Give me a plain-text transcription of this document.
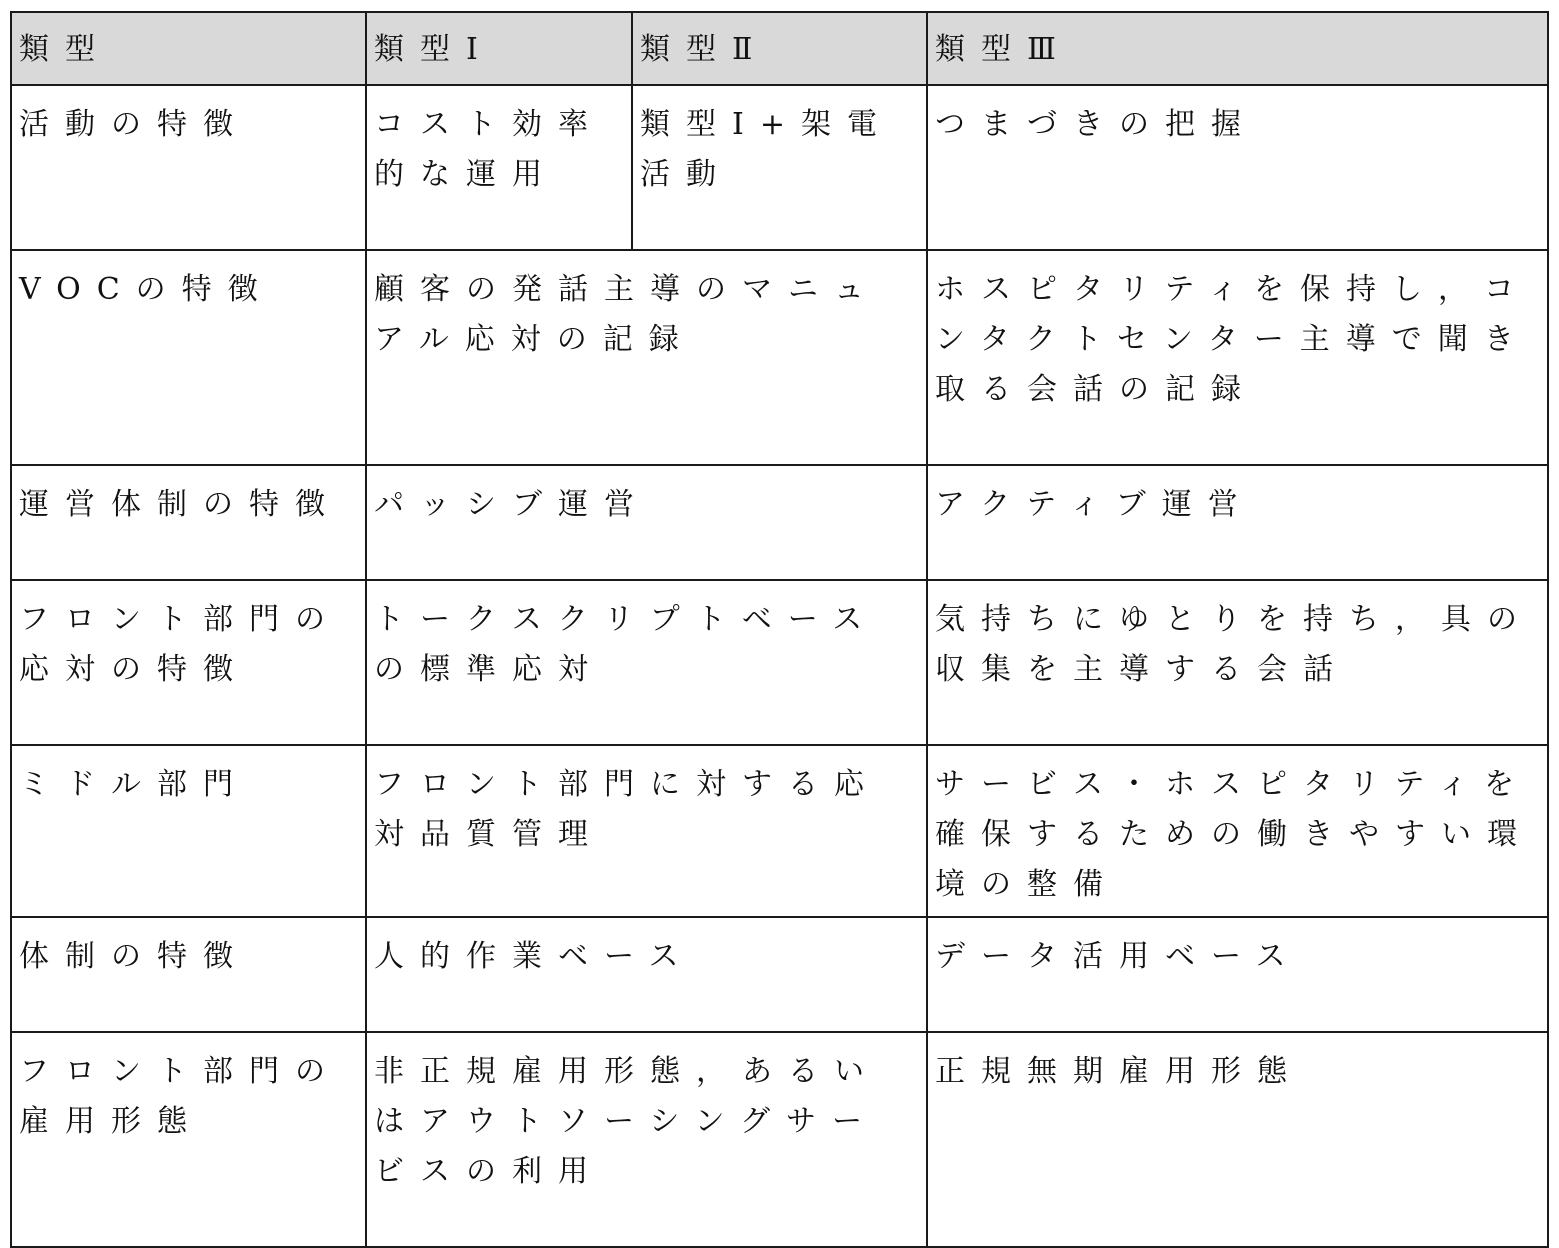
類型	類型Ⅰ	類型Ⅱ	類型Ⅲ
活動の特徴	コスト効率的な運用	類型Ⅰ+架電活動	つまづきの把握
VOCの特徴	顧客の発話主導のマニュアル応対の記録		ホスピタリティを保持し，コンタクトセンター主導で聞き取る会話の記録
運営体制の特徴	パッシブ運営		アクティブ運営
フロント部門の応対の特徴	トークスクリプトベースの標準応対		気持ちにゆとりを持ち，具の収集を主導する会話
ミドル部門	フロント部門に対する応対品質管理		サービス・ホスピタリティを確保するための働きやすい環境の整備
体制の特徴	人的作業ベース		データ活用ベース
フロント部門の雇用形態	非正規雇用形態，あるいはアウトソーシングサービスの利用		正規無期雇用形態
